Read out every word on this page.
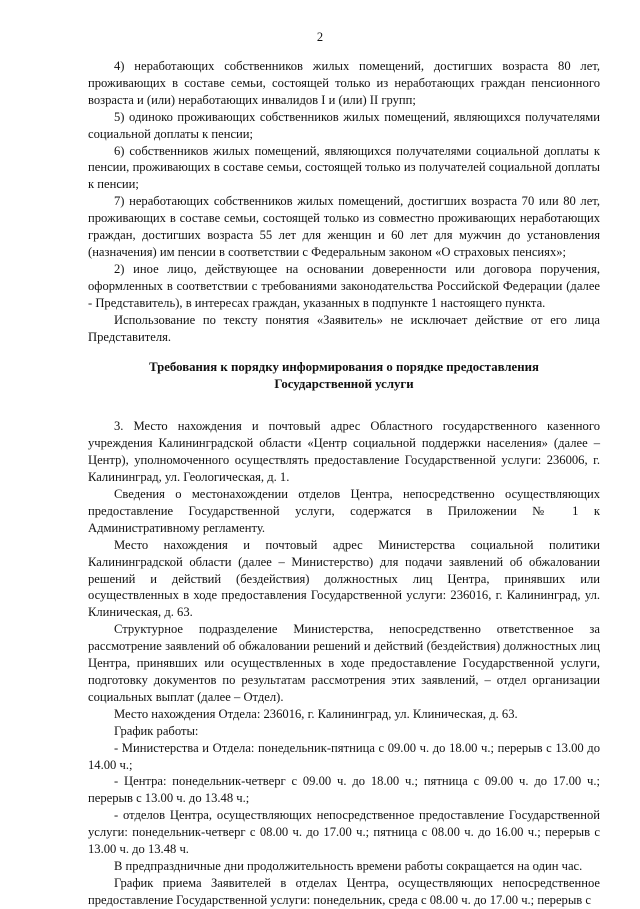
2

4) неработающих собственников жилых помещений, достигших возраста 80 лет, проживающих в составе семьи, состоящей только из неработающих граждан пенсионного возраста и (или) неработающих инвалидов I и (или) II групп;

5) одиноко проживающих собственников жилых помещений, являющихся получателями социальной доплаты к пенсии;

6) собственников жилых помещений, являющихся получателями социальной доплаты к пенсии, проживающих в составе семьи, состоящей только из получателей социальной доплаты к пенсии;

7) неработающих собственников жилых помещений, достигших возраста 70 или 80 лет, проживающих в составе семьи, состоящей только из совместно проживающих неработающих граждан, достигших возраста 55 лет для женщин и 60 лет для мужчин до установления (назначения) им пенсии в соответствии с Федеральным законом «О страховых пенсиях»;

2) иное лицо, действующее на основании доверенности или договора поручения, оформленных в соответствии с требованиями законодательства Российской Федерации (далее - Представитель), в интересах граждан, указанных в подпункте 1 настоящего пункта.

Использование по тексту понятия «Заявитель» не исключает действие от его лица Представителя.

Требования к порядку информирования о порядке предоставления Государственной услуги

3. Место нахождения и почтовый адрес Областного государственного казенного учреждения Калининградской области «Центр социальной поддержки населения» (далее – Центр), уполномоченного осуществлять предоставление Государственной услуги: 236006, г. Калининград, ул. Геологическая, д. 1.

Сведения о местонахождении отделов Центра, непосредственно осуществляющих предоставление Государственной услуги, содержатся в Приложении № 1 к Административному регламенту.

Место нахождения и почтовый адрес Министерства социальной политики Калининградской области (далее – Министерство) для подачи заявлений об обжаловании решений и действий (бездействия) должностных лиц Центра, принявших или осуществленных в ходе предоставления Государственной услуги: 236016, г. Калининград, ул. Клиническая, д. 63.

Структурное подразделение Министерства, непосредственно ответственное за рассмотрение заявлений об обжаловании решений и действий (бездействия) должностных лиц Центра, принявших или осуществленных в ходе предоставление Государственной услуги, подготовку документов по результатам рассмотрения этих заявлений, – отдел организации социальных выплат (далее – Отдел).

Место нахождения Отдела: 236016, г. Калининград, ул. Клиническая, д. 63.

График работы:

- Министерства и Отдела: понедельник-пятница с 09.00 ч. до 18.00 ч.; перерыв с 13.00 до 14.00 ч.;

- Центра: понедельник-четверг с 09.00 ч. до 18.00 ч.; пятница с 09.00 ч. до 17.00 ч.; перерыв с 13.00 ч. до 13.48 ч.;

- отделов Центра, осуществляющих непосредственное предоставление Государственной услуги: понедельник-четверг с 08.00 ч. до 17.00 ч.; пятница с 08.00 ч. до 16.00 ч.; перерыв с 13.00 ч. до 13.48 ч.

В предпраздничные дни продолжительность времени работы сокращается на один час.

График приема Заявителей в отделах Центра, осуществляющих непосредственное предоставление Государственной услуги: понедельник, среда с 08.00 ч. до 17.00 ч.; перерыв с
